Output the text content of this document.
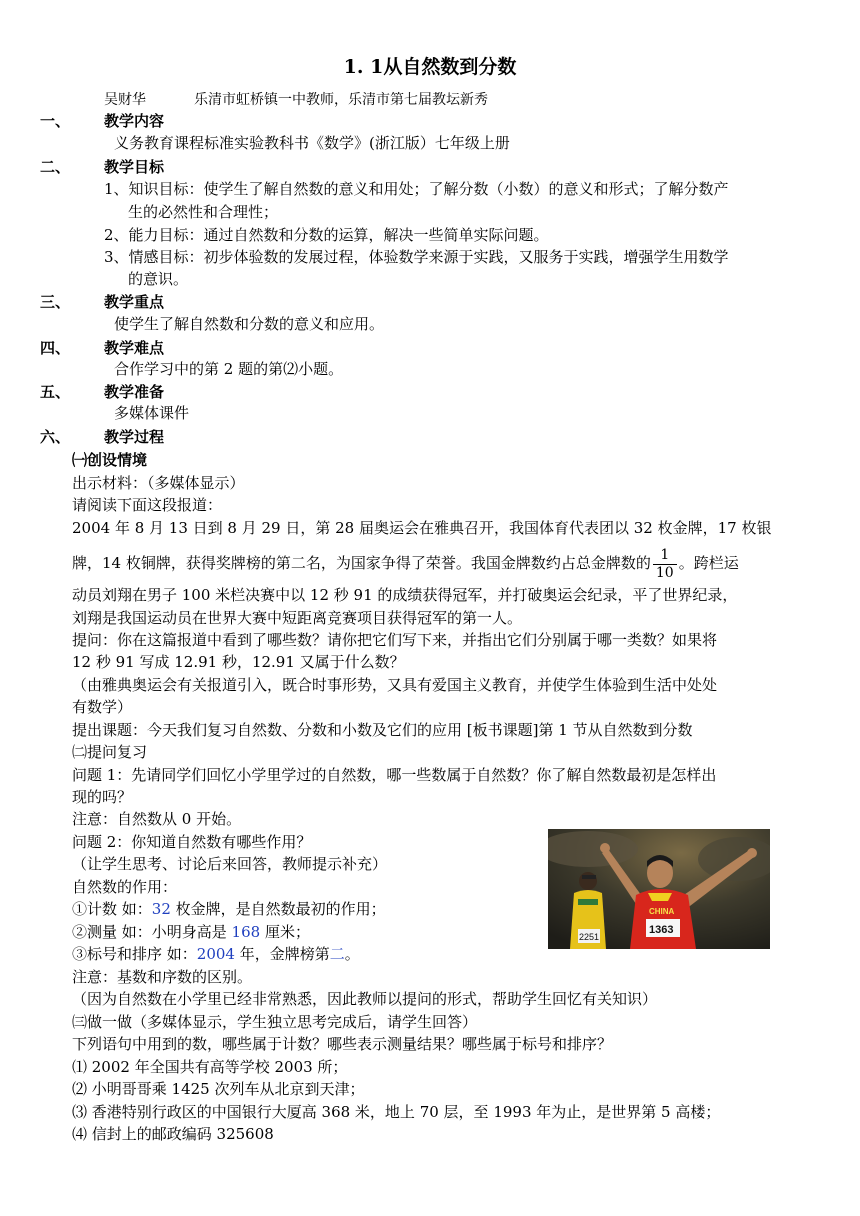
1. 1从自然数到分数
吴财华	乐清市虹桥镇一中教师，乐清市第七届教坛新秀
一、 教学内容
义务教育课程标准实验教科书《数学》(浙江版）七年级上册
二、 教学目标
1、知识目标：使学生了解自然数的意义和用处；了解分数（小数）的意义和形式；了解分数产
生的必然性和合理性；
2、能力目标：通过自然数和分数的运算，解决一些简单实际问题。
3、情感目标：初步体验数的发展过程，体验数学来源于实践，又服务于实践，增强学生用数学
的意识。
三、 教学重点
使学生了解自然数和分数的意义和应用。
四、 教学难点
合作学习中的第 2 题的第⑵小题。
五、 教学准备
多媒体课件
六、 教学过程
㈠创设情境
出示材料：（多媒体显示）
请阅读下面这段报道：
2004 年 8 月 13 日到 8 月 29 日，第 28 届奥运会在雅典召开，我国体育代表团以 32 枚金牌，17 枚银
牌，14 枚铜牌，获得奖牌榜的第二名，为国家争得了荣誉。我国金牌数约占总金牌数的 $\frac{1}{10}$ 。跨栏运
动员刘翔在男子 100 米栏决赛中以 12 秒 91 的成绩获得冠军，并打破奥运会纪录，平了世界纪录，
刘翔是我国运动员在世界大赛中短距离竞赛项目获得冠军的第一人。
提问：你在这篇报道中看到了哪些数？请你把它们写下来，并指出它们分别属于哪一类数？如果将
12 秒 91 写成 12.91 秒，12.91 又属于什么数？
（由雅典奥运会有关报道引入，既合时事形势，又具有爱国主义教育，并使学生体验到生活中处处
有数学）
提出课题：今天我们复习自然数、分数和小数及它们的应用 [板书课题]第 1 节从自然数到分数
㈡提问复习
问题 1：先请同学们回忆小学里学过的自然数，哪一些数属于自然数？你了解自然数最初是怎样出
现的吗？
注意：自然数从 0 开始。
问题 2：你知道自然数有哪些作用？
（让学生思考、讨论后来回答，教师提示补充）
自然数的作用：
①计数 如：32 枚金牌，是自然数最初的作用；
②测量 如：小明身高是 168 厘米；
③标号和排序 如：2004 年，金牌榜第二。
注意：基数和序数的区别。
（因为自然数在小学里已经非常熟悉，因此教师以提问的形式，帮助学生回忆有关知识）
㈢做一做（多媒体显示，学生独立思考完成后，请学生回答）
下列语句中用到的数，哪些属于计数？哪些表示测量结果？哪些属于标号和排序？
⑴ 2002 年全国共有高等学校 2003 所；
⑵ 小明哥哥乘 1425 次列车从北京到天津；
⑶ 香港特别行政区的中国银行大厦高 368 米，地上 70 层，至 1993 年为止，是世界第 5 高楼；
⑷ 信封上的邮政编码 325608
2251
CHINA
1363
